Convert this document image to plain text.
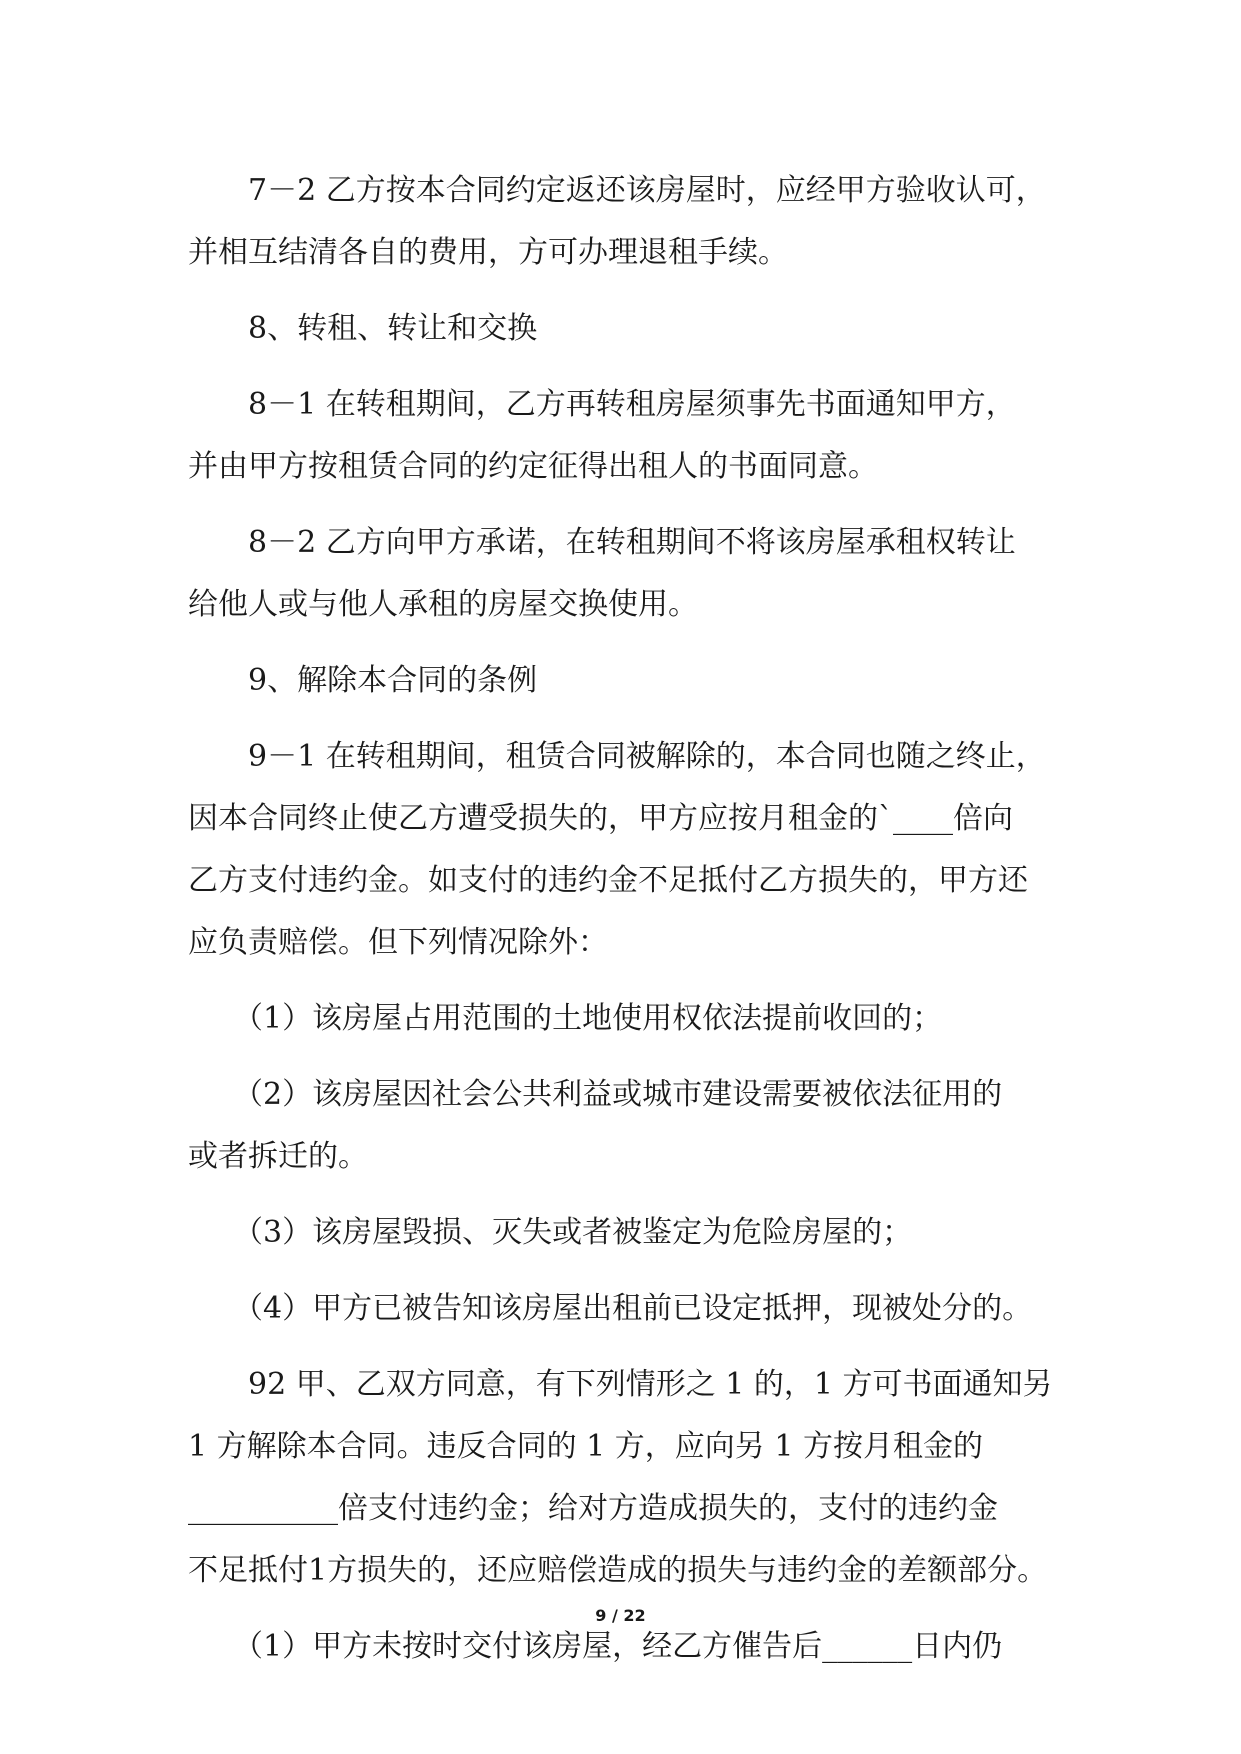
　　7－2 乙方按本合同约定返还该房屋时，应经甲方验收认可，
并相互结清各自的费用，方可办理退租手续。
　　8、转租、转让和交换
　　8－1 在转租期间，乙方再转租房屋须事先书面通知甲方，
并由甲方按租赁合同的约定征得出租人的书面同意。
　　8－2 乙方向甲方承诺，在转租期间不将该房屋承租权转让
给他人或与他人承租的房屋交换使用。
　　9、解除本合同的条例
　　9－1 在转租期间，租赁合同被解除的，本合同也随之终止，
因本合同终止使乙方遭受损失的，甲方应按月租金的`____倍向
乙方支付违约金。如支付的违约金不足抵付乙方损失的，甲方还
应负责赔偿。但下列情况除外：
　　（1）该房屋占用范围的土地使用权依法提前收回的；
　　（2）该房屋因社会公共利益或城市建设需要被依法征用的
或者拆迁的。
　　（3）该房屋毁损、灭失或者被鉴定为危险房屋的；
　　（4）甲方已被告知该房屋出租前已设定抵押，现被处分的。
　　92 甲、乙双方同意，有下列情形之 1 的，1 方可书面通知另
1 方解除本合同。违反合同的 1 方，应向另 1 方按月租金的
__________倍支付违约金；给对方造成损失的，支付的违约金
不足抵付1方损失的，还应赔偿造成的损失与违约金的差额部分。
　　（1）甲方未按时交付该房屋，经乙方催告后______日内仍
9 / 22
